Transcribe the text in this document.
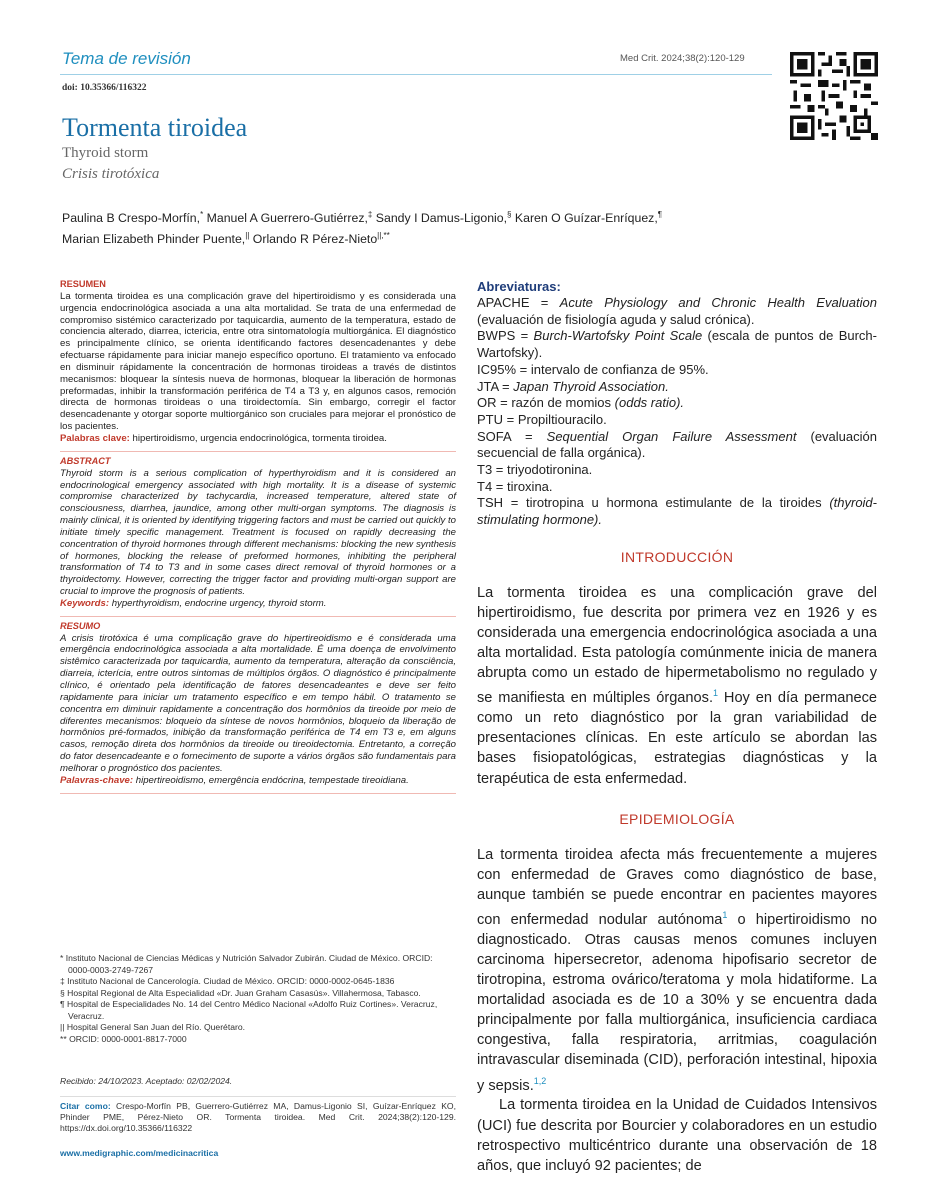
Tema de revisión	Med Crit. 2024;38(2):120-129
doi: 10.35366/116322
Tormenta tiroidea
Thyroid storm
Crisis tirotóxica
Paulina B Crespo-Morfín,* Manuel A Guerrero-Gutiérrez,‡ Sandy I Damus-Ligonio,§ Karen O Guízar-Enríquez,¶
Marian Elizabeth Phinder Puente,|| Orlando R Pérez-Nieto||,**
RESUMEN
La tormenta tiroidea es una complicación grave del hipertiroidismo y es considerada una urgencia endocrinológica asociada a una alta mortalidad. Se trata de una enfermedad de compromiso sistémico caracterizado por taquicardia, aumento de la temperatura, estado de conciencia alterado, diarrea, ictericia, entre otra sintomatología multiorgánica. El diagnóstico es principalmente clínico, se orienta identificando factores desencadenantes y debe efectuarse rápidamente para iniciar manejo específico oportuno. El tratamiento va enfocado en disminuir rápidamente la concentración de hormonas tiroideas a través de distintos mecanismos: bloquear la síntesis nueva de hormonas, bloquear la liberación de hormonas preformadas, inhibir la transformación periférica de T4 a T3 y, en algunos casos, remoción directa de hormonas tiroideas o una tiroidectomía. Sin embargo, corregir el factor desencadenante y otorgar soporte multiorgánico son cruciales para mejorar el pronóstico de los pacientes.
Palabras clave: hipertiroidismo, urgencia endocrinológica, tormenta tiroidea.
ABSTRACT
Thyroid storm is a serious complication of hyperthyroidism and it is considered an endocrinological emergency associated with high mortality. It is a disease of systemic compromise characterized by tachycardia, increased temperature, altered state of consciousness, diarrhea, jaundice, among other multi-organ symptoms. The diagnosis is mainly clinical, it is oriented by identifying triggering factors and must be carried out quickly to initiate timely specific management. Treatment is focused on rapidly decreasing the concentration of thyroid hormones through different mechanisms: blocking the new synthesis of hormones, blocking the release of preformed hormones, inhibiting the peripheral transformation of T4 to T3 and in some cases direct removal of thyroid hormones or a thyroidectomy. However, correcting the trigger factor and providing multi-organ support are crucial to improve the prognosis of patients.
Keywords: hyperthyroidism, endocrine urgency, thyroid storm.
RESUMO
A crisis tirotóxica é uma complicação grave do hipertireoidismo e é considerada uma emergência endocrinológica associada a alta mortalidade. É uma doença de envolvimento sistêmico caracterizada por taquicardia, aumento da temperatura, alteração da consciência, diarreia, icterícia, entre outros sintomas de múltiplos órgãos. O diagnóstico é principalmente clínico, é orientado pela identificação de fatores desencadeantes e deve ser feito rapidamente para iniciar um tratamento específico e em tempo hábil. O tratamento se concentra em diminuir rapidamente a concentração dos hormônios da tireoide por meio de diferentes mecanismos: bloqueio da síntese de novos hormônios, bloqueio da liberação de hormônios pré-formados, inibição da transformação periférica de T4 em T3 e, em alguns casos, remoção direta dos hormônios da tireoide ou tireoidectomia. Entretanto, a correção do fator desencadeante e o fornecimento de suporte a vários órgãos são fundamentais para melhorar o prognóstico dos pacientes.
Palavras-chave: hipertireoidismo, emergência endócrina, tempestade tireoidiana.
* Instituto Nacional de Ciencias Médicas y Nutrición Salvador Zubirán. Ciudad de México. ORCID: 0000-0003-2749-7267
‡ Instituto Nacional de Cancerología. Ciudad de México. ORCID: 0000-0002-0645-1836
§ Hospital Regional de Alta Especialidad «Dr. Juan Graham Casasús». Villahermosa, Tabasco.
¶ Hospital de Especialidades No. 14 del Centro Médico Nacional «Adolfo Ruiz Cortines». Veracruz, Veracruz.
|| Hospital General San Juan del Río. Querétaro.
** ORCID: 0000-0001-8817-7000
Recibido: 24/10/2023. Aceptado: 02/02/2024.
Citar como: Crespo-Morfín PB, Guerrero-Gutiérrez MA, Damus-Ligonio SI, Guízar-Enríquez KO, Phinder PME, Pérez-Nieto OR. Tormenta tiroidea. Med Crit. 2024;38(2):120-129. https://dx.doi.org/10.35366/116322
www.medigraphic.com/medicinacritica
Abreviaturas:
APACHE = Acute Physiology and Chronic Health Evaluation (evaluación de fisiología aguda y salud crónica).
BWPS = Burch-Wartofsky Point Scale (escala de puntos de Burch-Wartofsky).
IC95% = intervalo de confianza de 95%.
JTA = Japan Thyroid Association.
OR = razón de momios (odds ratio).
PTU = Propiltiouracilo.
SOFA = Sequential Organ Failure Assessment (evaluación secuencial de falla orgánica).
T3 = triyodotironina.
T4 = tiroxina.
TSH = tirotropina u hormona estimulante de la tiroides (thyroid-stimulating hormone).
INTRODUCCIÓN
La tormenta tiroidea es una complicación grave del hipertiroidismo, fue descrita por primera vez en 1926 y es considerada una emergencia endocrinológica asociada a una alta mortalidad. Esta patología comúnmente inicia de manera abrupta como un estado de hipermetabolismo no regulado y se manifiesta en múltiples órganos.$^1$ Hoy en día permanece como un reto diagnóstico por la gran variabilidad de presentaciones clínicas. En este artículo se abordan las bases fisiopatológicas, estrategias diagnósticas y la terapéutica de esta enfermedad.
EPIDEMIOLOGÍA
La tormenta tiroidea afecta más frecuentemente a mujeres con enfermedad de Graves como diagnóstico de base, aunque también se puede encontrar en pacientes mayores con enfermedad nodular autónoma$^1$ o hipertiroidismo no diagnosticado. Otras causas menos comunes incluyen carcinoma hipersecretor, adenoma hipofisario secretor de tirotropina, estroma ovárico/teratoma y mola hidatiforme. La mortalidad asociada es de 10 a 30% y se encuentra dada principalmente por falla multiorgánica, insuficiencia cardiaca congestiva, falla respiratoria, arritmias, coagulación intravascular diseminada (CID), perforación intestinal, hipoxia y sepsis.$^{1,2}$
La tormenta tiroidea en la Unidad de Cuidados Intensivos (UCI) fue descrita por Bourcier y colaboradores en un estudio retrospectivo multicéntrico durante una observación de 18 años, que incluyó 92 pacientes; de
